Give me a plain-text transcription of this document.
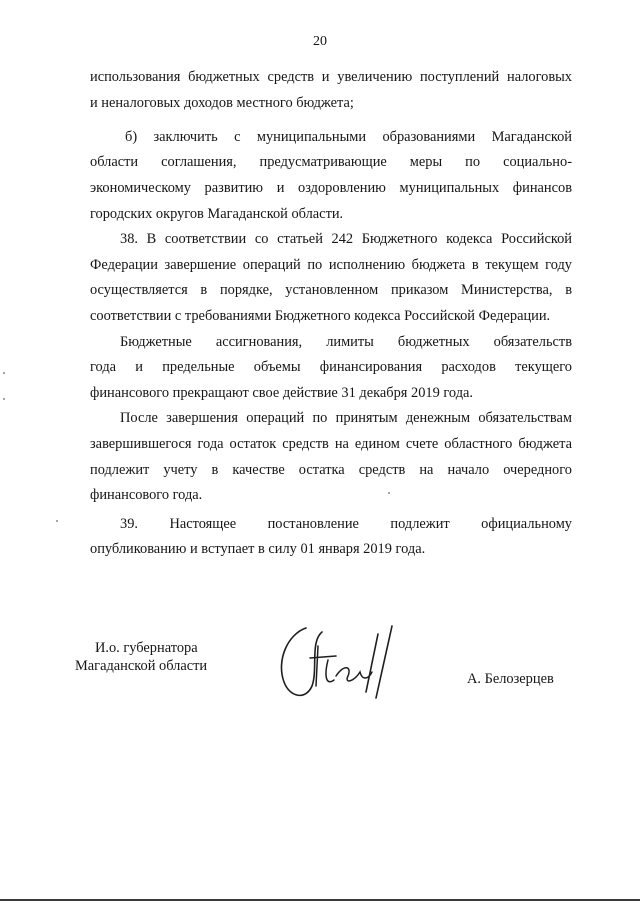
20
использования бюджетных средств и увеличению поступлений налоговых
и неналоговых доходов местного бюджета;
б) заключить с муниципальными образованиями Магаданской
области соглашения, предусматривающие меры по социально-
экономическому развитию и оздоровлению муниципальных финансов
городских округов Магаданской области.
38. В соответствии со статьей 242 Бюджетного кодекса Российской
Федерации завершение операций по исполнению бюджета в текущем году
осуществляется в порядке, установленном приказом Министерства, в
соответствии с требованиями Бюджетного кодекса Российской Федерации.
Бюджетные ассигнования, лимиты бюджетных обязательств
года и предельные объемы финансирования расходов текущего
финансового прекращают свое действие 31 декабря 2019 года.
После завершения операций по принятым денежным обязательствам
завершившегося года остаток средств на едином счете областного бюджета
подлежит учету в качестве остатка средств на начало очередного
финансового года.
39. Настоящее постановление подлежит официальному
опубликованию и вступает в силу 01 января 2019 года.
И.о. губернатора
Магаданской области
А. Белозерцев
